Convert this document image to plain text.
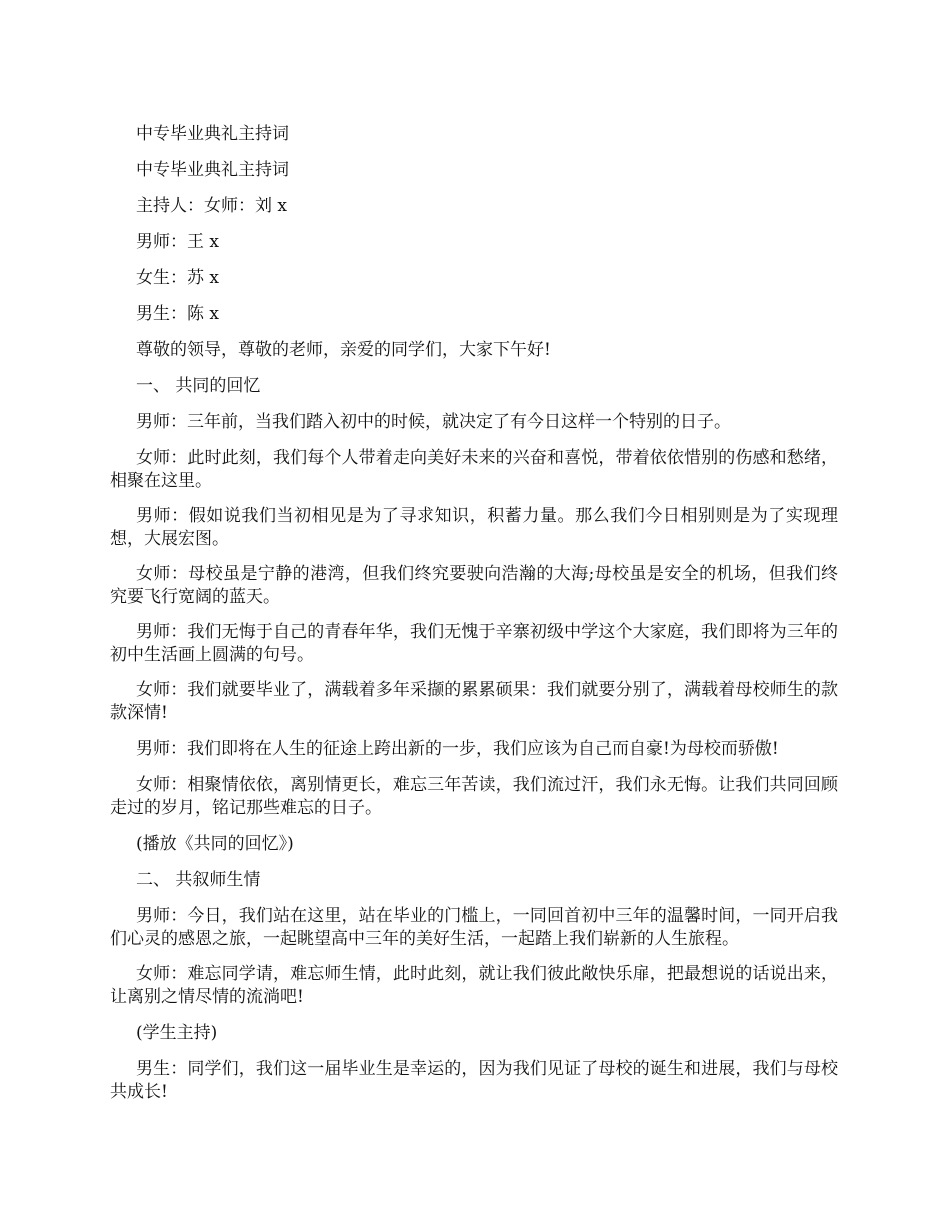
中专毕业典礼主持词

中专毕业典礼主持词

主持人：女师：刘 x

男师：王 x

女生：苏 x

男生：陈 x

尊敬的领导，尊敬的老师，亲爱的同学们，大家下午好!

一、 共同的回忆

男师：三年前，当我们踏入初中的时候，就决定了有今日这样一个特别的日子。

女师：此时此刻，我们每个人带着走向美好未来的兴奋和喜悦，带着依依惜别的伤感和愁绪，相聚在这里。

男师：假如说我们当初相见是为了寻求知识，积蓄力量。那么我们今日相别则是为了实现理想，大展宏图。

女师：母校虽是宁静的港湾，但我们终究要驶向浩瀚的大海;母校虽是安全的机场，但我们终究要飞行宽阔的蓝天。

男师：我们无悔于自己的青春年华，我们无愧于辛寨初级中学这个大家庭，我们即将为三年的初中生活画上圆满的句号。

女师：我们就要毕业了，满载着多年采撷的累累硕果：我们就要分别了，满载着母校师生的款款深情!

男师：我们即将在人生的征途上跨出新的一步，我们应该为自己而自豪!为母校而骄傲!

女师：相聚情依依，离别情更长，难忘三年苦读，我们流过汗，我们永无悔。让我们共同回顾走过的岁月，铭记那些难忘的日子。

(播放《共同的回忆》)

二、 共叙师生情

男师：今日，我们站在这里，站在毕业的门槛上，一同回首初中三年的温馨时间，一同开启我们心灵的感恩之旅，一起眺望高中三年的美好生活，一起踏上我们崭新的人生旅程。

女师：难忘同学请，难忘师生情，此时此刻，就让我们彼此敞快乐扉，把最想说的话说出来，让离别之情尽情的流淌吧!

(学生主持)

男生：同学们，我们这一届毕业生是幸运的，因为我们见证了母校的诞生和进展，我们与母校共成长!
